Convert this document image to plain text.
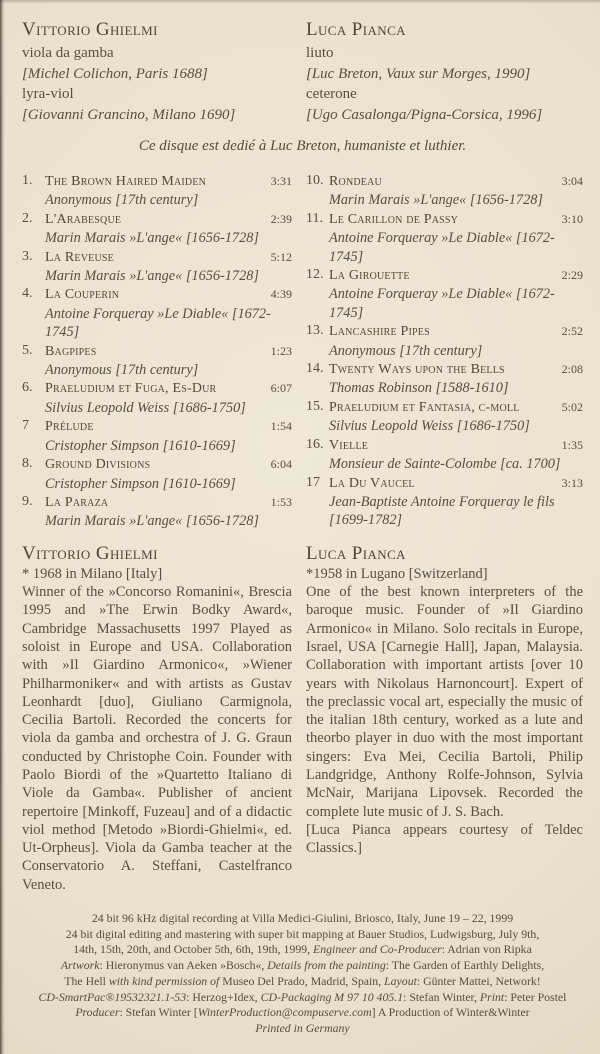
Vittorio Ghielmi
viola da gamba
[Michel Colichon, Paris 1688]
lyra-viol
[Giovanni Grancino, Milano 1690]
Luca Pianca
liuto
[Luc Breton, Vaux sur Morges, 1990]
ceterone
[Ugo Casalonga/Pigna-Corsica, 1996]
Ce disque est dedié à Luc Breton, humaniste et luthier.
1. The Brown Haired Maiden	3:31
Anonymous [17th century]
2. L'Arabesque	2:39
Marin Marais »L'ange« [1656-1728]
3. La Reveuse	5:12
Marin Marais »L'ange« [1656-1728]
4. La Couperin	4:39
Antoine Forqueray »Le Diable« [1672-1745]
5. Bagpipes	1:23
Anonymous [17th century]
6. Praeludium et Fuga, Es-Dur	6:07
Silvius Leopold Weiss [1686-1750]
7	Prélude	1:54
Cristopher Simpson [1610-1669]
8. Ground Divisions	6:04
Cristopher Simpson [1610-1669]
9. La Paraza	1:53
Marin Marais »L'ange« [1656-1728]
10. Rondeau	3:04
Marin Marais »L'ange« [1656-1728]
11. Le Carillon de Passy	3:10
Antoine Forqueray »Le Diable« [1672-1745]
12. La Girouette	2:29
Antoine Forqueray »Le Diable« [1672-1745]
13. Lancashire Pipes	2:52
Anonymous [17th century]
14. Twenty Ways upon the Bells	2:08
Thomas Robinson [1588-1610]
15. Praeludium et Fantasia, c-moll	5:02
Silvius Leopold Weiss [1686-1750]
16. Vielle	1:35
Monsieur de Sainte-Colombe [ca. 1700]
17 La Du Vaucel	3:13
Jean-Baptiste Antoine Forqueray le fils [1699-1782]
Vittorio Ghielmi
* 1968 in Milano [Italy]

Winner of the »Concorso Romanini«, Brescia 1995 and »The Erwin Bodky Award«, Cambridge Massachusetts 1997 Played as soloist in Europe and USA. Collaboration with »Il Giardino Armonico«, »Wiener Philharmoniker« and with artists as Gustav Leonhardt [duo], Giuliano Carmignola, Cecilia Bartoli. Recorded the concerts for viola da gamba and orchestra of J. G. Graun conducted by Christophe Coin. Founder with Paolo Biordi of the »Quartetto Italiano di Viole da Gamba«. Publisher of ancient repertoire [Minkoff, Fuzeau] and of a didactic viol method [Metodo »Biordi-Ghielmi«, ed. Ut-Orpheus]. Viola da Gamba teacher at the Conservatorio A. Steffani, Castelfranco Veneto.

Luca Pianca
*1958 in Lugano [Switzerland]

One of the best known interpreters of the baroque music. Founder of »Il Giardino Armonico« in Milano. Solo recitals in Europe, Israel, USA [Carnegie Hall], Japan, Malaysia. Collaboration with important artists [over 10 years with Nikolaus Harnoncourt]. Expert of the preclassic vocal art, especially the music of the italian 18th century, worked as a lute and theorbo player in duo with the most important singers: Eva Mei, Cecilia Bartoli, Philip Landgridge, Anthony Rolfe-Johnson, Sylvia McNair, Marijana Lipovsek. Recorded the complete lute music of J. S. Bach.

[Luca Pianca appears courtesy of Teldec Classics.]

24 bit 96 kHz digital recording at Villa Medici-Giulini, Briosco, Italy, June 19 – 22, 1999
24 bit digital editing and mastering with super bit mapping at Bauer Studios, Ludwigsburg, July 9th,
14th, 15th, 20th, and October 5th, 6th, 19th, 1999, Engineer and Co-Producer: Adrian von Ripka
Artwork: Hieronymus van Aeken »Bosch«, Details from the painting: The Garden of Earthly Delights,
The Hell with kind permission of Museo Del Prado, Madrid, Spain, Layout: Günter Mattei, Network!
CD-SmartPac®19532321.1-53: Herzog+Idex, CD-Packaging M 97 10 405.1: Stefan Winter, Print: Peter Postel
Producer: Stefan Winter [WinterProduction@compuserve.com] A Production of Winter&Winter
Printed in Germany
